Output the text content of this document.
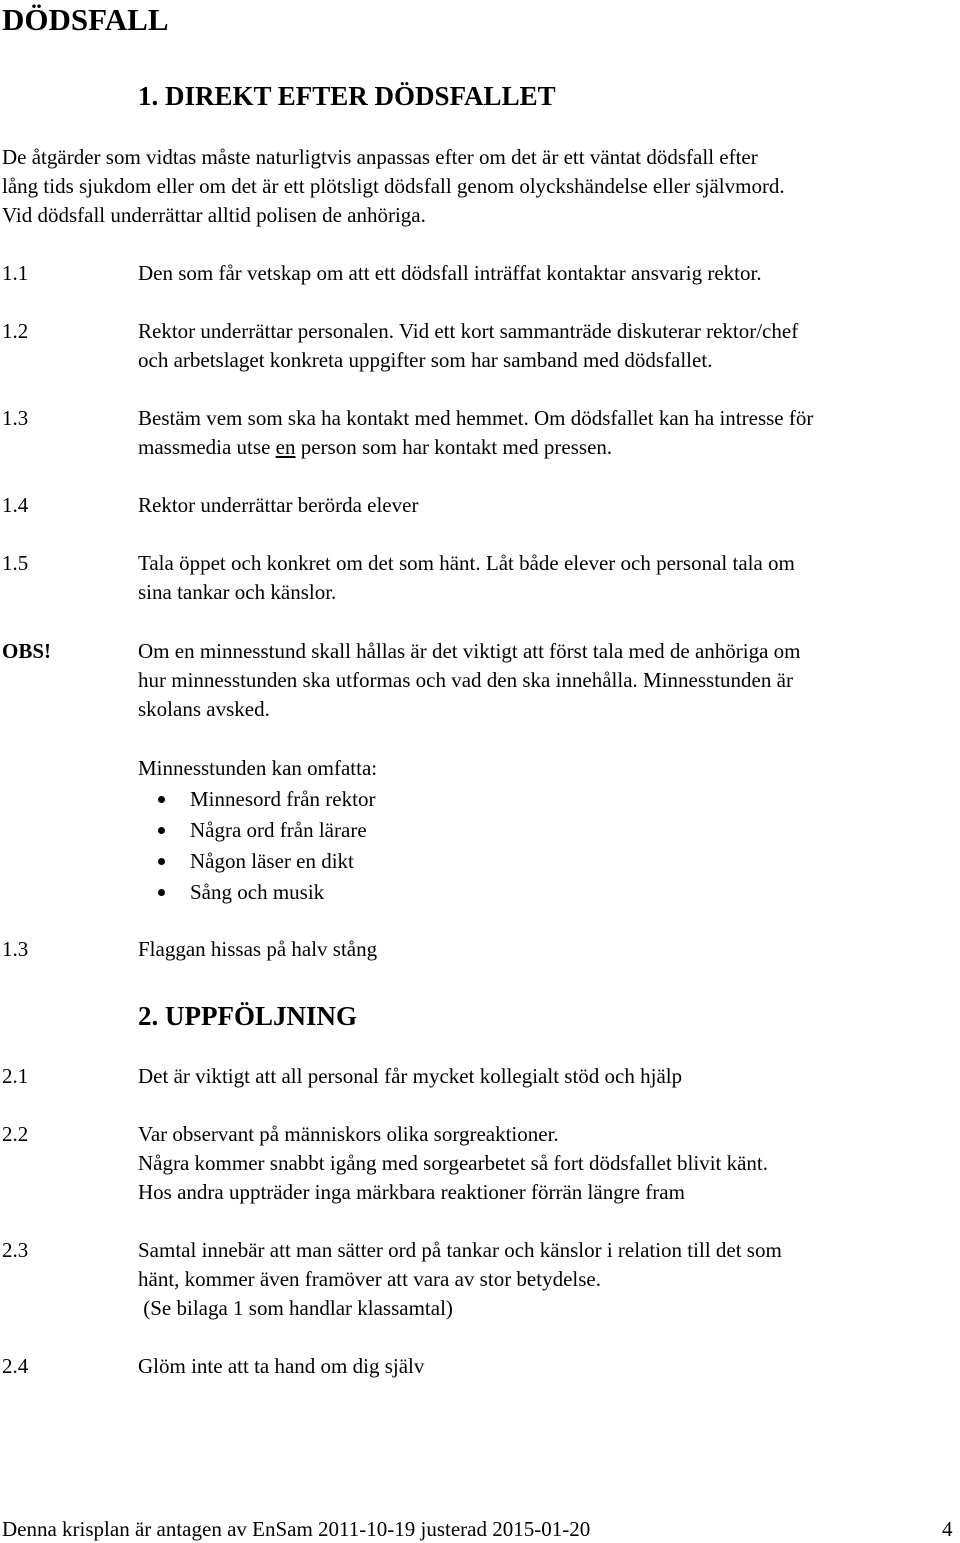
DÖDSFALL
1. DIREKT EFTER DÖDSFALLET
De åtgärder som vidtas måste naturligtvis anpassas efter om det är ett väntat dödsfall efter
lång tids sjukdom eller om det är ett plötsligt dödsfall genom olyckshändelse eller självmord.
Vid dödsfall underrättar alltid polisen de anhöriga.
1.1	Den som får vetskap om att ett dödsfall inträffat kontaktar ansvarig rektor.
1.2	Rektor underrättar personalen. Vid ett kort sammanträde diskuterar rektor/chef
och arbetslaget konkreta uppgifter som har samband med dödsfallet.
1.3	Bestäm vem som ska ha kontakt med hemmet. Om dödsfallet kan ha intresse för
massmedia utse en person som har kontakt med pressen.
1.4	Rektor underrättar berörda elever
1.5	Tala öppet och konkret om det som hänt. Låt både elever och personal tala om
sina tankar och känslor.
OBS!	Om en minnesstund skall hållas är det viktigt att först tala med de anhöriga om
hur minnesstunden ska utformas och vad den ska innehålla. Minnesstunden är
skolans avsked.
Minnesstunden kan omfatta:
Minnesord från rektor
Några ord från lärare
Någon läser en dikt
Sång och musik
1.3	Flaggan hissas på halv stång
2. UPPFÖLJNING
2.1	Det är viktigt att all personal får mycket kollegialt stöd och hjälp
2.2	Var observant på människors olika sorgreaktioner.
Några kommer snabbt igång med sorgearbetet så fort dödsfallet blivit känt.
Hos andra uppträder inga märkbara reaktioner förrän längre fram
2.3	Samtal innebär att man sätter ord på tankar och känslor i relation till det som
hänt, kommer även framöver att vara av stor betydelse.
(Se bilaga 1 som handlar klassamtal)
2.4	Glöm inte att ta hand om dig själv
Denna krisplan är antagen av EnSam 2011-10-19 justerad 2015-01-20	4
